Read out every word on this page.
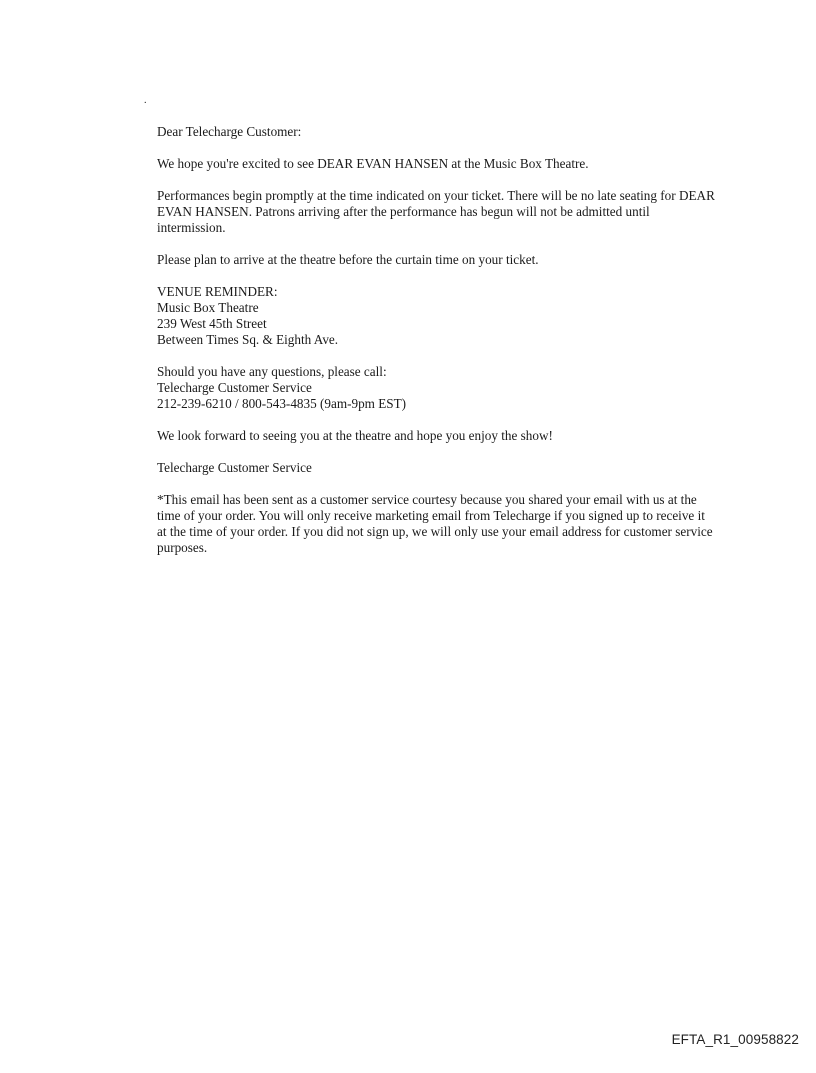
.

Dear Telecharge Customer:

We hope you're excited to see DEAR EVAN HANSEN at the Music Box Theatre.

Performances begin promptly at the time indicated on your ticket. There will be no late seating for DEAR EVAN HANSEN. Patrons arriving after the performance has begun will not be admitted until intermission.

Please plan to arrive at the theatre before the curtain time on your ticket.

VENUE REMINDER:
Music Box Theatre
239 West 45th Street
Between Times Sq. & Eighth Ave.

Should you have any questions, please call:
Telecharge Customer Service
212-239-6210 / 800-543-4835 (9am-9pm EST)

We look forward to seeing you at the theatre and hope you enjoy the show!

Telecharge Customer Service

*This email has been sent as a customer service courtesy because you shared your email with us at the time of your order. You will only receive marketing email from Telecharge if you signed up to receive it at the time of your order. If you did not sign up, we will only use your email address for customer service purposes.

EFTA_R1_00958822
